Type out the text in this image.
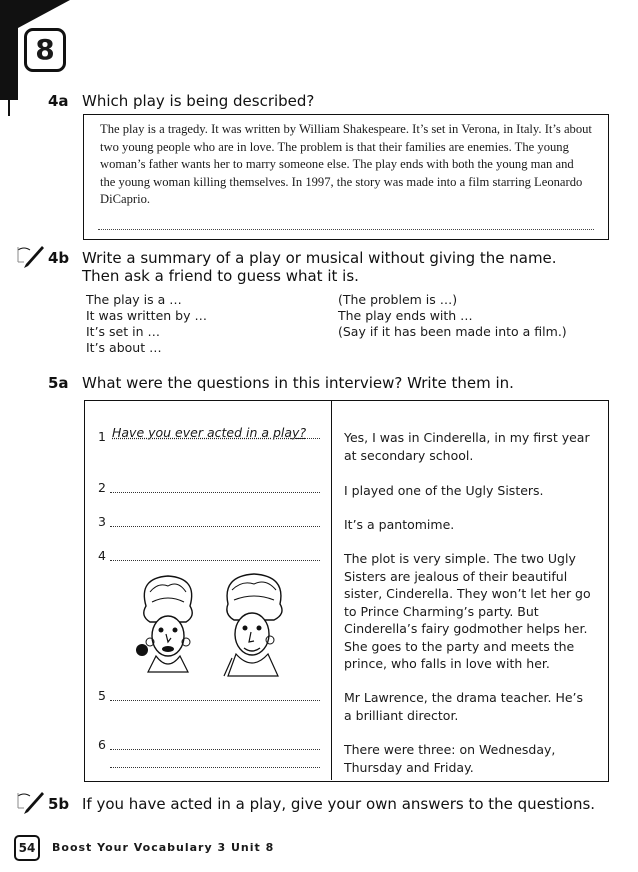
8
4a Which play is being described?

The play is a tragedy. It was written by William Shakespeare. It’s set in Verona, in Italy. It’s about two young people who are in love. The problem is that their families are enemies. The young woman’s father wants her to marry someone else. The play ends with both the young man and the young woman killing themselves. In 1997, the story was made into a film starring Leonardo DiCaprio.

4b Write a summary of a play or musical without giving the name.
Then ask a friend to guess what it is.
The play is a …
It was written by …
It’s set in …
It’s about …
(The problem is …)
The play ends with …
(Say if it has been made into a film.)
5a What were the questions in this interview? Write them in.
1 Have you ever acted in a play?	Yes, I was in Cinderella, in my first year at secondary school.
2	I played one of the Ugly Sisters.
3	It’s a pantomime.
4	The plot is very simple. The two Ugly Sisters are jealous of their beautiful sister, Cinderella. They won’t let her go to Prince Charming’s party. But Cinderella’s fairy godmother helps her. She goes to the party and meets the prince, who falls in love with her.
5	Mr Lawrence, the drama teacher. He’s a brilliant director.
6	There were three: on Wednesday, Thursday and Friday.
5b If you have acted in a play, give your own answers to the questions.
54	Boost Your Vocabulary 3 Unit 8
